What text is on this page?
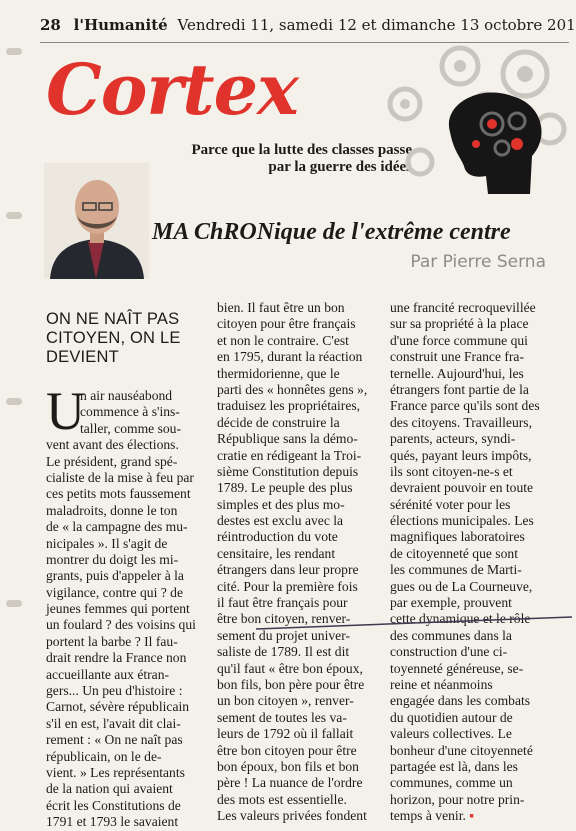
28 l'Humanité Vendredi 11, samedi 12 et dimanche 13 octobre 201
Cortex
Parce que la lutte des classes passe
par la guerre des idées
MA ChRONique de l'extrême centre
Par Pierre Serna
ON NE NAÎT PAS
CITOYEN, ON LE
DEVIENT
U
n air nauséabond
commence à s'ins-
taller, comme sou-
vent avant des élections.
Le président, grand spé-
cialiste de la mise à feu par
ces petits mots faussement
maladroits, donne le ton
de « la campagne des mu-
nicipales ». Il s'agit de
montrer du doigt les mi-
grants, puis d'appeler à la
vigilance, contre qui ? de
jeunes femmes qui portent
un foulard ? des voisins qui
portent la barbe ? Il fau-
drait rendre la France non
accueillante aux étran-
gers... Un peu d'histoire :
Carnot, sévère républicain
s'il en est, l'avait dit clai-
rement : « On ne naît pas
républicain, on le de-
vient. » Les représentants
de la nation qui avaient
écrit les Constitutions de
1791 et 1793 le savaient
bien. Il faut être un bon
citoyen pour être français
et non le contraire. C'est
en 1795, durant la réaction
thermidorienne, que le
parti des « honnêtes gens »,
traduisez les propriétaires,
décide de construire la
République sans la démo-
cratie en rédigeant la Troi-
sième Constitution depuis
1789. Le peuple des plus
simples et des plus mo-
destes est exclu avec la
réintroduction du vote
censitaire, les rendant
étrangers dans leur propre
cité. Pour la première fois
il faut être français pour
être bon citoyen, renver-
sement du projet univer-
saliste de 1789. Il est dit
qu'il faut « être bon époux,
bon fils, bon père pour être
un bon citoyen », renver-
sement de toutes les va-
leurs de 1792 où il fallait
être bon citoyen pour être
bon époux, bon fils et bon
père ! La nuance de l'ordre
des mots est essentielle.
Les valeurs privées fondent
une francité recroquevillée
sur sa propriété à la place
d'une force commune qui
construit une France fra-
ternelle. Aujourd'hui, les
étrangers font partie de la
France parce qu'ils sont des
des citoyens. Travailleurs,
parents, acteurs, syndi-
qués, payant leurs impôts,
ils sont citoyen-ne-s et
devraient pouvoir en toute
sérénité voter pour les
élections municipales. Les
magnifiques laboratoires
de citoyenneté que sont
les communes de Marti-
gues ou de La Courneuve,
par exemple, prouvent
cette dynamique et le rôle
des communes dans la
construction d'une ci-
toyenneté généreuse, se-
reine et néanmoins
engagée dans les combats
du quotidien autour de
valeurs collectives. Le
bonheur d'une citoyenneté
partagée est là, dans les
communes, comme un
horizon, pour notre prin-
temps à venir. ▪
